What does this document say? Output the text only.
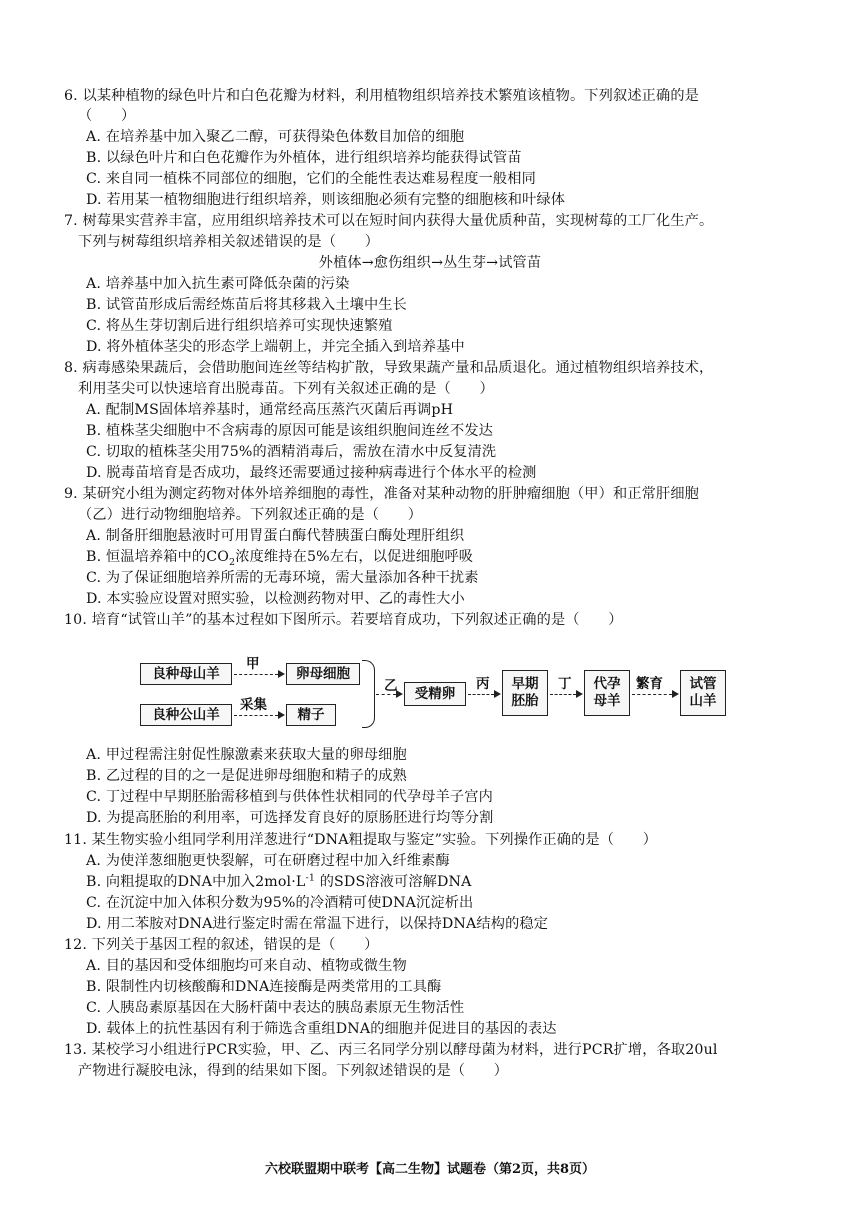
6. 以某种植物的绿色叶片和白色花瓣为材料，利用植物组织培养技术繁殖该植物。下列叙述正确的是
（　　）
A. 在培养基中加入聚乙二醇，可获得染色体数目加倍的细胞
B. 以绿色叶片和白色花瓣作为外植体，进行组织培养均能获得试管苗
C. 来自同一植株不同部位的细胞，它们的全能性表达难易程度一般相同
D. 若用某一植物细胞进行组织培养，则该细胞必须有完整的细胞核和叶绿体
7. 树莓果实营养丰富，应用组织培养技术可以在短时间内获得大量优质种苗，实现树莓的工厂化生产。
下列与树莓组织培养相关叙述错误的是（　　）
外植体→愈伤组织→丛生芽→试管苗
A. 培养基中加入抗生素可降低杂菌的污染
B. 试管苗形成后需经炼苗后将其移栽入土壤中生长
C. 将丛生芽切割后进行组织培养可实现快速繁殖
D. 将外植体茎尖的形态学上端朝上，并完全插入到培养基中
8. 病毒感染果蔬后，会借助胞间连丝等结构扩散，导致果蔬产量和品质退化。通过植物组织培养技术，
利用茎尖可以快速培育出脱毒苗。下列有关叙述正确的是（　　）
A. 配制MS固体培养基时，通常经高压蒸汽灭菌后再调pH
B. 植株茎尖细胞中不含病毒的原因可能是该组织胞间连丝不发达
C. 切取的植株茎尖用75%的酒精消毒后，需放在清水中反复清洗
D. 脱毒苗培育是否成功，最终还需要通过接种病毒进行个体水平的检测
9. 某研究小组为测定药物对体外培养细胞的毒性，准备对某种动物的肝肿瘤细胞（甲）和正常肝细胞
（乙）进行动物细胞培养。下列叙述正确的是（　　）
A. 制备肝细胞悬液时可用胃蛋白酶代替胰蛋白酶处理肝组织
B. 恒温培养箱中的$CO_2$浓度维持在5%左右，以促进细胞呼吸
C. 为了保证细胞培养所需的无毒环境，需大量添加各种干扰素
D. 本实验应设置对照实验，以检测药物对甲、乙的毒性大小
10. 培育“试管山羊”的基本过程如下图所示。若要培育成功，下列叙述正确的是（　　）
良种母山羊
甲
卵母细胞
良种公山羊
采集
精子
乙	受精卵
丙	早期
胚胎
丁	代孕
母羊
繁育	试管
山羊
A. 甲过程需注射促性腺激素来获取大量的卵母细胞
B. 乙过程的目的之一是促进卵母细胞和精子的成熟
C. 丁过程中早期胚胎需移植到与供体性状相同的代孕母羊子宫内
D. 为提高胚胎的利用率，可选择发育良好的原肠胚进行均等分割
11. 某生物实验小组同学利用洋葱进行“DNA粗提取与鉴定”实验。下列操作正确的是（　　）
A. 为使洋葱细胞更快裂解，可在研磨过程中加入纤维素酶
B. 向粗提取的DNA中加入$2mol\cdot L^{-1}$ 的SDS溶液可溶解DNA
C. 在沉淀中加入体积分数为95%的冷酒精可使DNA沉淀析出
D. 用二苯胺对DNA进行鉴定时需在常温下进行，以保持DNA结构的稳定
12. 下列关于基因工程的叙述，错误的是（　　）
A. 目的基因和受体细胞均可来自动、植物或微生物
B. 限制性内切核酸酶和DNA连接酶是两类常用的工具酶
C. 人胰岛素原基因在大肠杆菌中表达的胰岛素原无生物活性
D. 载体上的抗性基因有利于筛选含重组DNA的细胞并促进目的基因的表达
13. 某校学习小组进行PCR实验，甲、乙、丙三名同学分别以酵母菌为材料，进行PCR扩增，各取20ul
产物进行凝胶电泳，得到的结果如下图。下列叙述错误的是（　　）
六校联盟期中联考【高二生物】试题卷（第2页，共8页）
